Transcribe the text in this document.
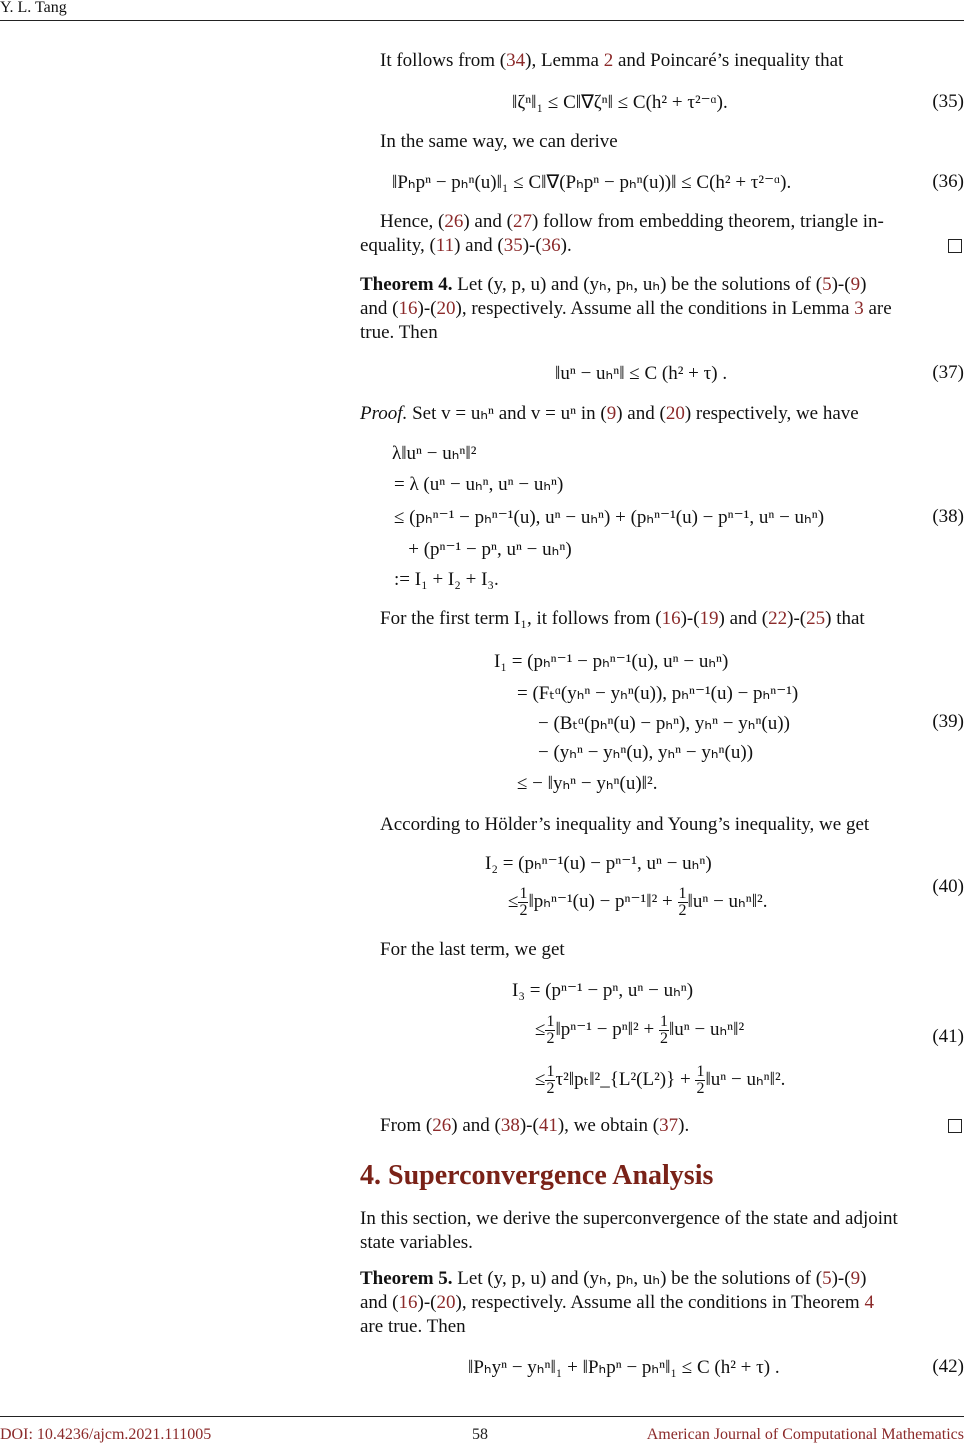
Y. L. Tang
It follows from (34), Lemma 2 and Poincaré’s inequality that
‖ζⁿ‖₁ ≤ C‖∇ζⁿ‖ ≤ C(h² + τ²⁻ᵅ).	(35)
In the same way, we can derive
‖Pₕpⁿ − pₕⁿ(u)‖₁ ≤ C‖∇(Pₕpⁿ − pₕⁿ(u))‖ ≤ C(h² + τ²⁻ᵅ).	(36)
Hence, (26) and (27) follow from embedding theorem, triangle in-
equality, (11) and (35)-(36).
Theorem 4. Let (y, p, u) and (yₕ, pₕ, uₕ) be the solutions of (5)-(9)
and (16)-(20), respectively. Assume all the conditions in Lemma 3 are
true. Then
‖uⁿ − uₕⁿ‖ ≤ C (h² + τ) .	(37)
Proof. Set v = uₕⁿ and v = uⁿ in (9) and (20) respectively, we have
λ‖uⁿ − uₕⁿ‖²
= λ (uⁿ − uₕⁿ, uⁿ − uₕⁿ)
≤ (pₕⁿ⁻¹ − pₕⁿ⁻¹(u), uⁿ − uₕⁿ) + (pₕⁿ⁻¹(u) − pⁿ⁻¹, uⁿ − uₕⁿ)
+ (pⁿ⁻¹ − pⁿ, uⁿ − uₕⁿ)
:= I₁ + I₂ + I₃.
(38)
For the first term I₁, it follows from (16)-(19) and (22)-(25) that
I₁ = (pₕⁿ⁻¹ − pₕⁿ⁻¹(u), uⁿ − uₕⁿ)
= (Fₜᵅ(yₕⁿ − yₕⁿ(u)), pₕⁿ⁻¹(u) − pₕⁿ⁻¹)
− (Bₜᵅ(pₕⁿ(u) − pₕⁿ), yₕⁿ − yₕⁿ(u))
− (yₕⁿ − yₕⁿ(u), yₕⁿ − yₕⁿ(u))
≤ − ‖yₕⁿ − yₕⁿ(u)‖².
(39)
According to Hölder’s inequality and Young’s inequality, we get
I₂ = (pₕⁿ⁻¹(u) − pⁿ⁻¹, uⁿ − uₕⁿ)
≤ $\frac{1}{2}$ ‖pₕⁿ⁻¹(u) − pⁿ⁻¹‖² + $\frac{1}{2}$ ‖uⁿ − uₕⁿ‖².
(40)
For the last term, we get
I₃ = (pⁿ⁻¹ − pⁿ, uⁿ − uₕⁿ)
≤ $\frac{1}{2}$ ‖pⁿ⁻¹ − pⁿ‖² + $\frac{1}{2}$ ‖uⁿ − uₕⁿ‖²
≤ $\frac{1}{2}$ τ²‖pₜ‖²_{L²(L²)} + $\frac{1}{2}$ ‖uⁿ − uₕⁿ‖².
(41)
From (26) and (38)-(41), we obtain (37).
4. Superconvergence Analysis
In this section, we derive the superconvergence of the state and adjoint
state variables.
Theorem 5. Let (y, p, u) and (yₕ, pₕ, uₕ) be the solutions of (5)-(9)
and (16)-(20), respectively. Assume all the conditions in Theorem 4
are true. Then
‖Pₕyⁿ − yₕⁿ‖₁ + ‖Pₕpⁿ − pₕⁿ‖₁ ≤ C (h² + τ) .	(42)
DOI: 10.4236/ajcm.2021.111005	58	American Journal of Computational Mathematics
